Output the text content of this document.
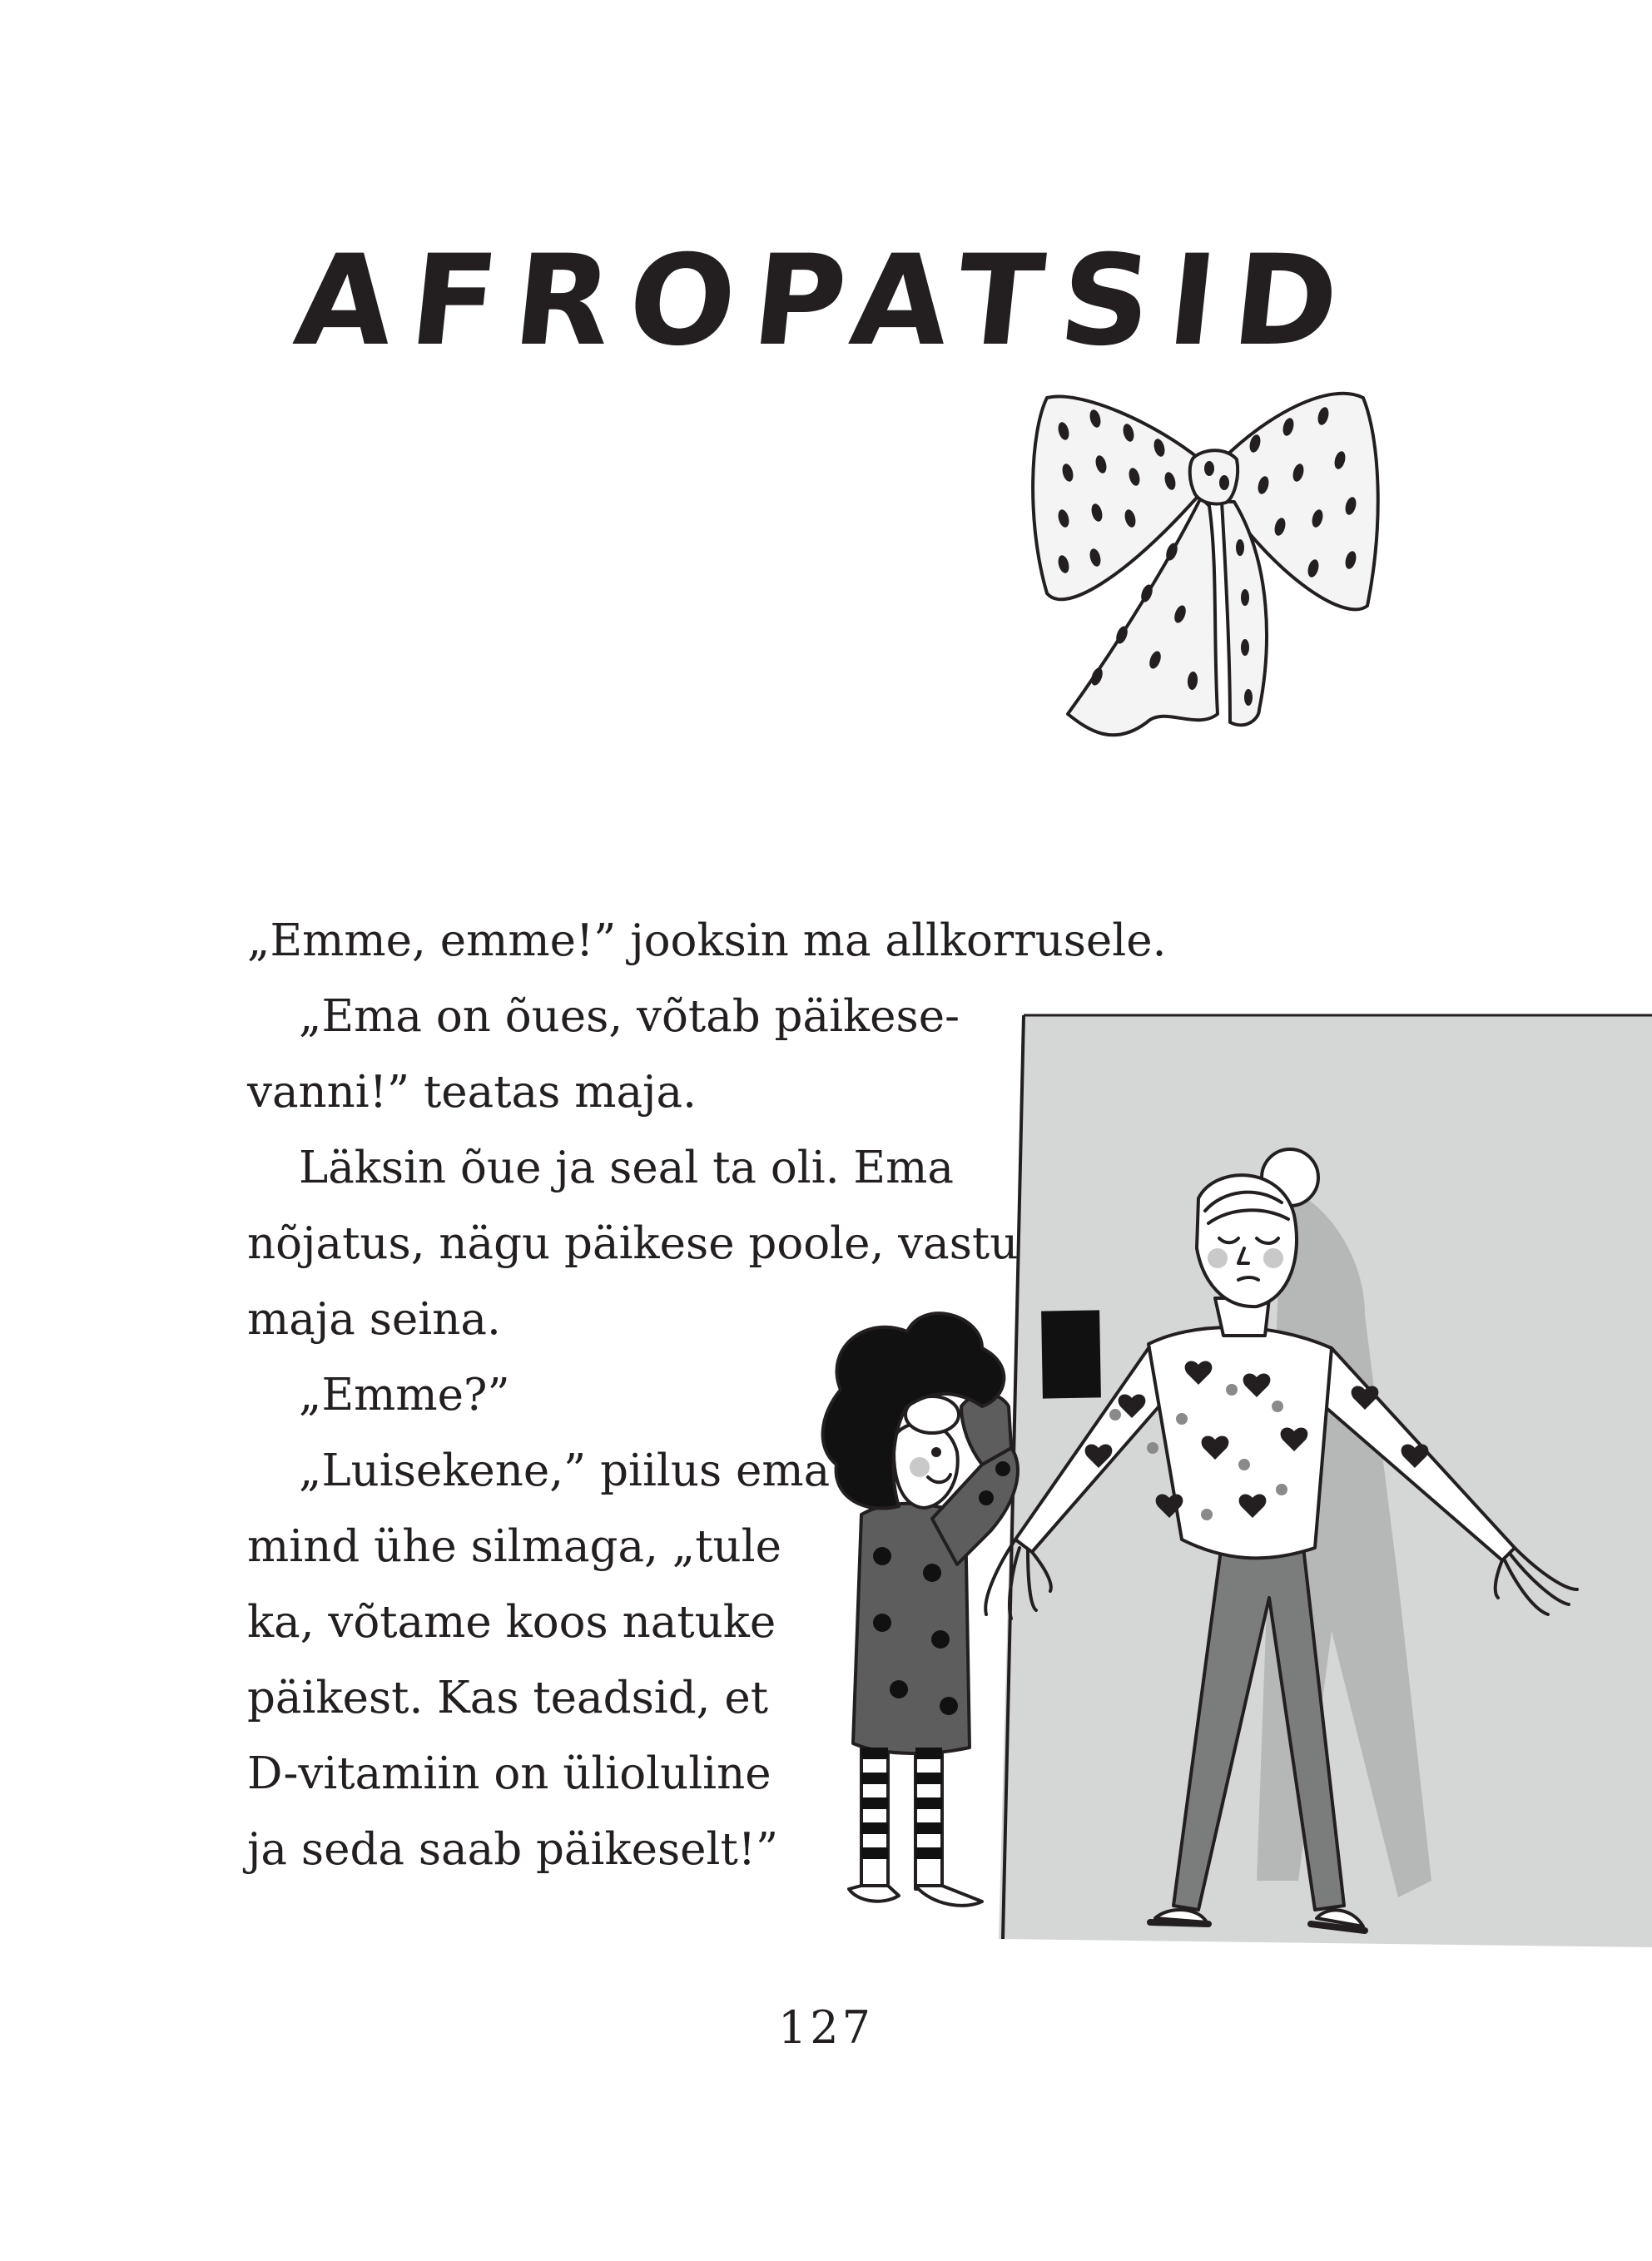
AFROPATSID

„Emme, emme!” jooksin ma allkorrusele.

„Ema on õues, võtab päikese-

vanni!” teatas maja.

Läksin õue ja seal ta oli. Ema

nõjatus, nägu päikese poole, vastu

maja seina.

„Emme?”

„Luisekene,” piilus ema

mind ühe silmaga, „tule

ka, võtame koos natuke

päikest. Kas teadsid, et

D-vitamiin on ülioluline

ja seda saab päikeselt!”

127
